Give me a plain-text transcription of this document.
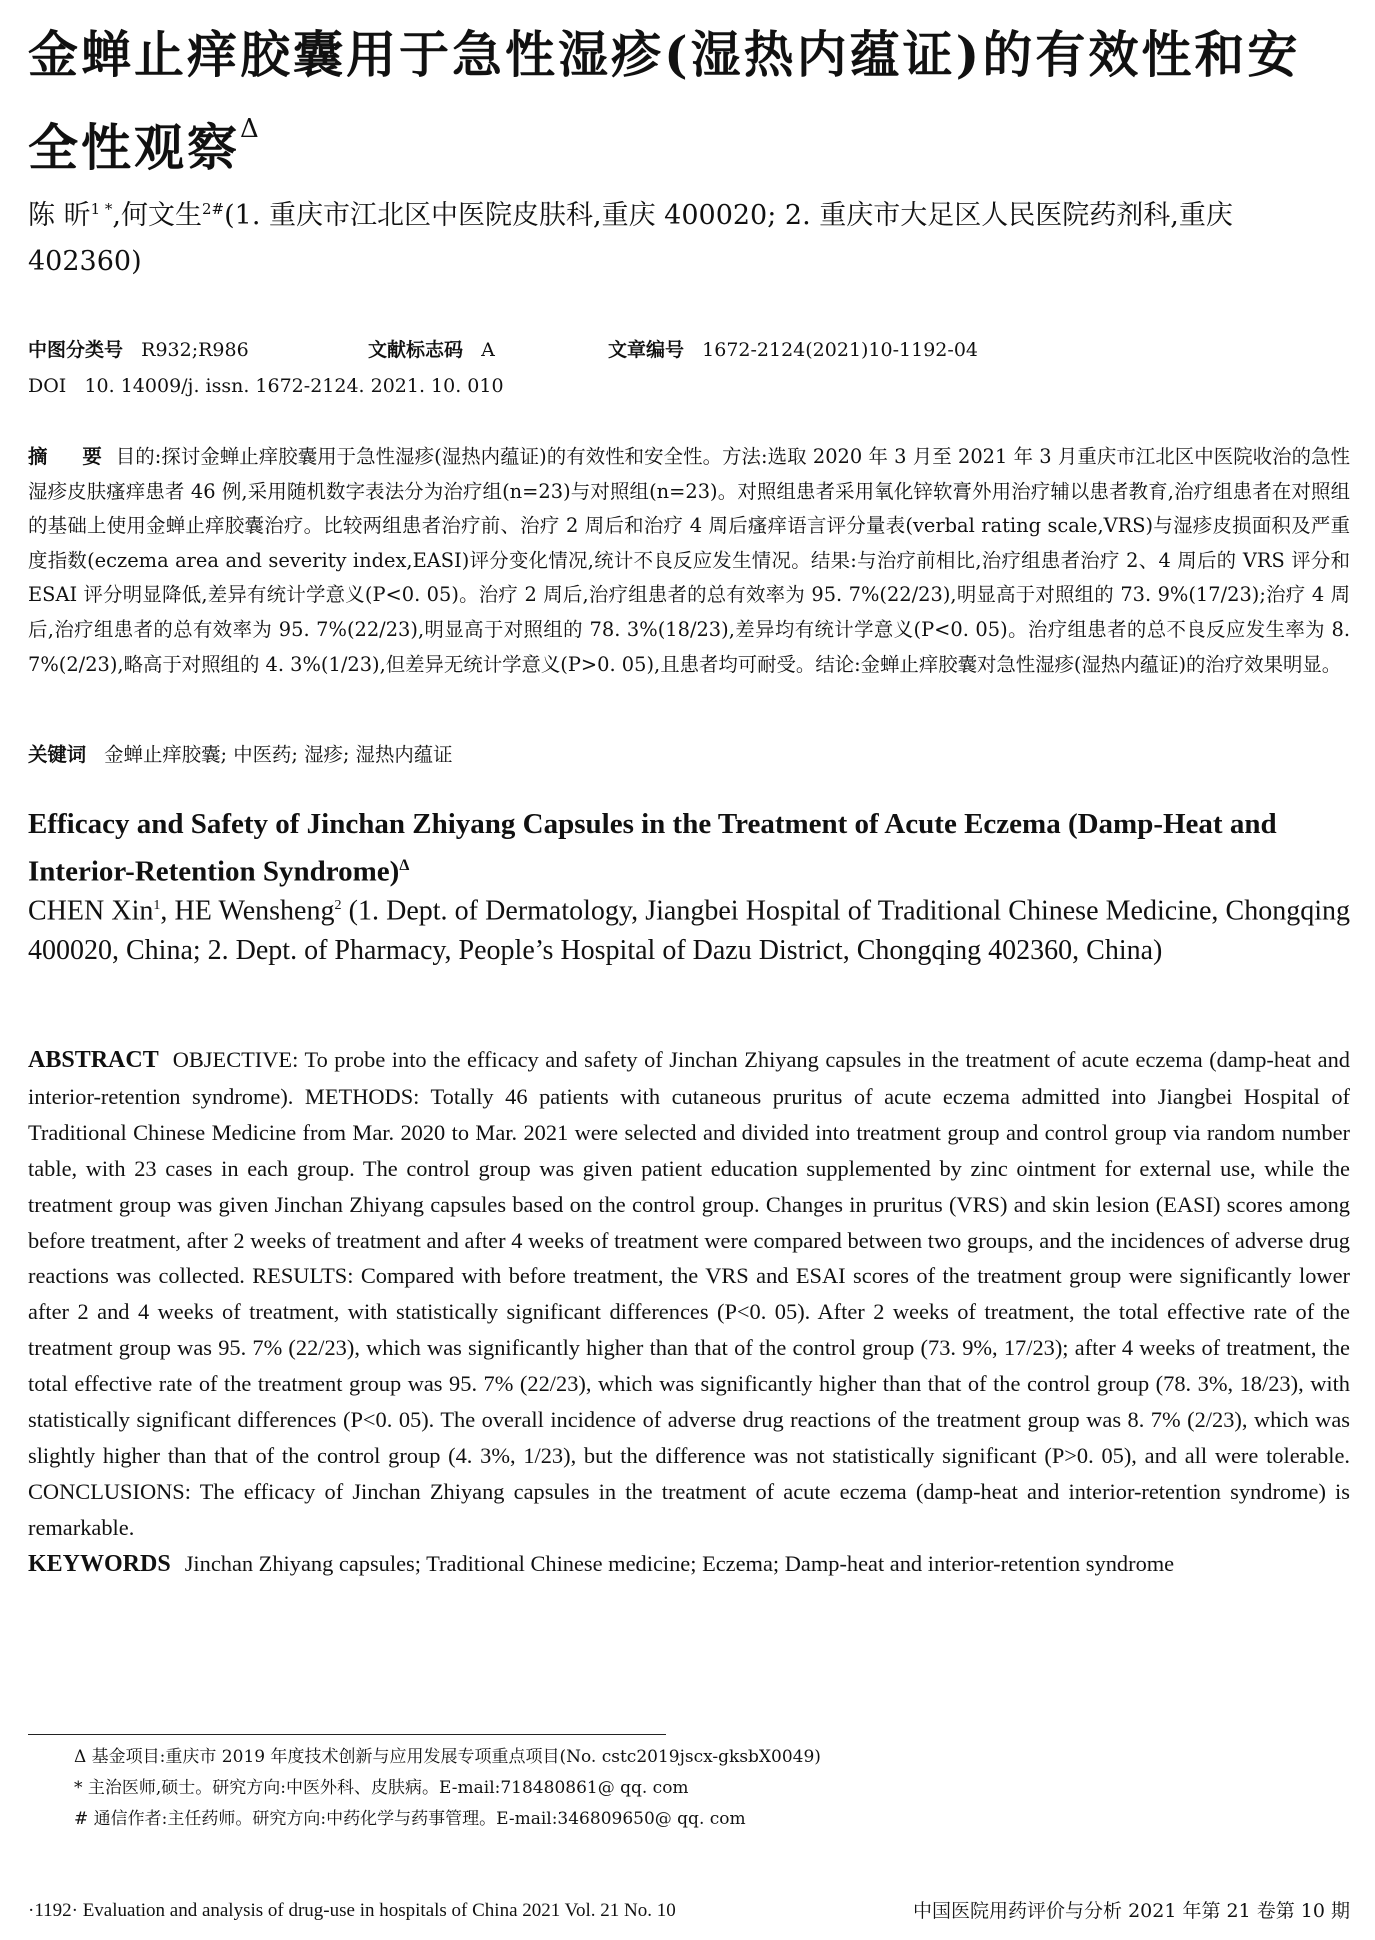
金蝉止痒胶囊用于急性湿疹(湿热内蕴证)的有效性和安全性观察$^\Delta$

陈 昕$^{1 *}$,何文生$^{2\#}$(1. 重庆市江北区中医院皮肤科,重庆 400020; 2. 重庆市大足区人民医院药剂科,重庆 402360)

中图分类号 R932;R986	文献标志码 A	文章编号 1672-2124(2021)10-1192-04
DOI 10. 14009/j. issn. 1672-2124. 2021. 10. 010

摘 要目的:探讨金蝉止痒胶囊用于急性湿疹(湿热内蕴证)的有效性和安全性。方法:选取 2020 年 3 月至 2021 年 3 月重庆市江北区中医院收治的急性湿疹皮肤瘙痒患者 46 例,采用随机数字表法分为治疗组(n=23)与对照组(n=23)。对照组患者采用氧化锌软膏外用治疗辅以患者教育,治疗组患者在对照组的基础上使用金蝉止痒胶囊治疗。比较两组患者治疗前、治疗 2 周后和治疗 4 周后瘙痒语言评分量表(verbal rating scale,VRS)与湿疹皮损面积及严重度指数(eczema area and severity index,EASI)评分变化情况,统计不良反应发生情况。结果:与治疗前相比,治疗组患者治疗 2、4 周后的 VRS 评分和 ESAI 评分明显降低,差异有统计学意义(P<0. 05)。治疗 2 周后,治疗组患者的总有效率为 95. 7%(22/23),明显高于对照组的 73. 9%(17/23);治疗 4 周后,治疗组患者的总有效率为 95. 7%(22/23),明显高于对照组的 78. 3%(18/23),差异均有统计学意义(P<0. 05)。治疗组患者的总不良反应发生率为 8. 7%(2/23),略高于对照组的 4. 3%(1/23),但差异无统计学意义(P>0. 05),且患者均可耐受。结论:金蝉止痒胶囊对急性湿疹(湿热内蕴证)的治疗效果明显。

关键词 金蝉止痒胶囊; 中医药; 湿疹; 湿热内蕴证
Efficacy and Safety of Jinchan Zhiyang Capsules in the Treatment of Acute Eczema (Damp-Heat and Interior-Retention Syndrome)$^\Delta$

CHEN Xin$^1$, HE Wensheng$^2$ (1. Dept. of Dermatology, Jiangbei Hospital of Traditional Chinese Medicine, Chongqing 400020, China; 2. Dept. of Pharmacy, People’s Hospital of Dazu District, Chongqing 402360, China)

ABSTRACT OBJECTIVE: To probe into the efficacy and safety of Jinchan Zhiyang capsules in the treatment of acute eczema (damp-heat and interior-retention syndrome). METHODS: Totally 46 patients with cutaneous pruritus of acute eczema admitted into Jiangbei Hospital of Traditional Chinese Medicine from Mar. 2020 to Mar. 2021 were selected and divided into treatment group and control group via random number table, with 23 cases in each group. The control group was given patient education supplemented by zinc ointment for external use, while the treatment group was given Jinchan Zhiyang capsules based on the control group. Changes in pruritus (VRS) and skin lesion (EASI) scores among before treatment, after 2 weeks of treatment and after 4 weeks of treatment were compared between two groups, and the incidences of adverse drug reactions was collected. RESULTS: Compared with before treatment, the VRS and ESAI scores of the treatment group were significantly lower after 2 and 4 weeks of treatment, with statistically significant differences (P<0. 05). After 2 weeks of treatment, the total effective rate of the treatment group was 95. 7% (22/23), which was significantly higher than that of the control group (73. 9%, 17/23); after 4 weeks of treatment, the total effective rate of the treatment group was 95. 7% (22/23), which was significantly higher than that of the control group (78. 3%, 18/23), with statistically significant differences (P<0. 05). The overall incidence of adverse drug reactions of the treatment group was 8. 7% (2/23), which was slightly higher than that of the control group (4. 3%, 1/23), but the difference was not statistically significant (P>0. 05), and all were tolerable. CONCLUSIONS: The efficacy of Jinchan Zhiyang capsules in the treatment of acute eczema (damp-heat and interior-retention syndrome) is remarkable.
KEYWORDS Jinchan Zhiyang capsules; Traditional Chinese medicine; Eczema; Damp-heat and interior-retention syndrome

Δ 基金项目:重庆市 2019 年度技术创新与应用发展专项重点项目(No. cstc2019jscx-gksbX0049)
* 主治医师,硕士。研究方向:中医外科、皮肤病。E-mail:718480861@ qq. com
# 通信作者:主任药师。研究方向:中药化学与药事管理。E-mail:346809650@ qq. com
·1192· Evaluation and analysis of drug-use in hospitals of China 2021 Vol. 21 No. 10	中国医院用药评价与分析 2021 年第 21 卷第 10 期
